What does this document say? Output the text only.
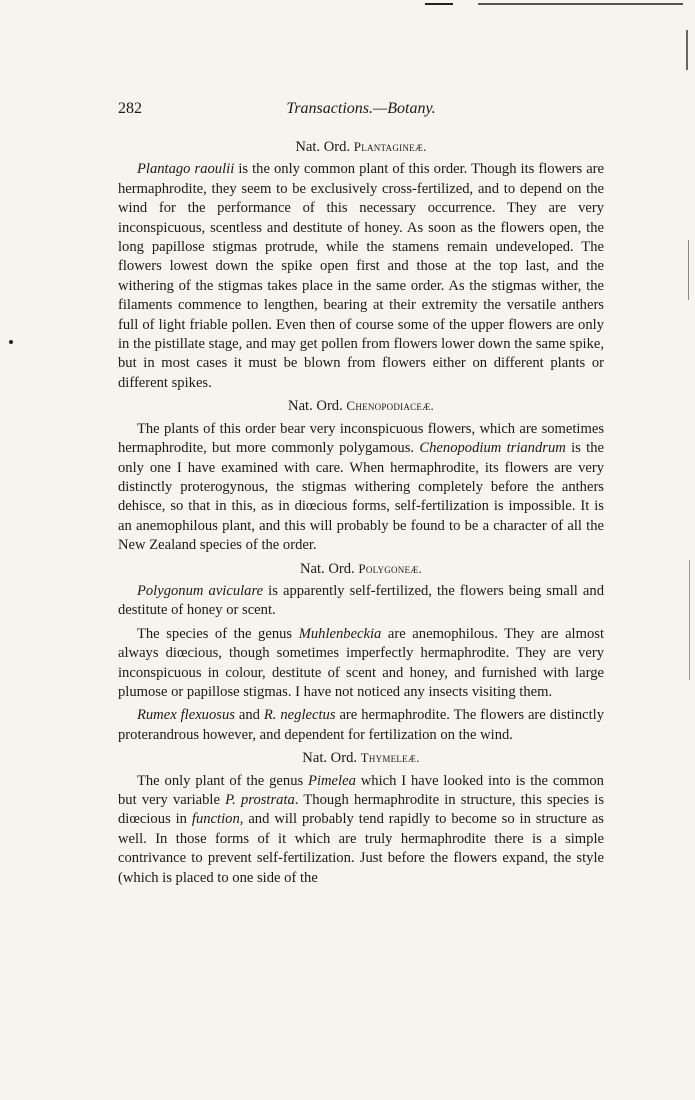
282	Transactions.—Botany.

Nat. Ord. Plantagineæ.

Plantago raoulii is the only common plant of this order. Though its flowers are hermaphrodite, they seem to be exclusively cross-fertilized, and to depend on the wind for the performance of this necessary occurrence. They are very inconspicuous, scentless and destitute of honey. As soon as the flowers open, the long papillose stigmas protrude, while the stamens remain undeveloped. The flowers lowest down the spike open first and those at the top last, and the withering of the stigmas takes place in the same order. As the stigmas wither, the filaments commence to lengthen, bearing at their extremity the versatile anthers full of light friable pollen. Even then of course some of the upper flowers are only in the pistillate stage, and may get pollen from flowers lower down the same spike, but in most cases it must be blown from flowers either on different plants or different spikes.

Nat. Ord. Chenopodiaceæ.

The plants of this order bear very inconspicuous flowers, which are sometimes hermaphrodite, but more commonly polygamous. Chenopodium triandrum is the only one I have examined with care. When hermaphrodite, its flowers are very distinctly proterogynous, the stigmas withering completely before the anthers dehisce, so that in this, as in diœcious forms, self-fertilization is impossible. It is an anemophilous plant, and this will probably be found to be a character of all the New Zealand species of the order.

Nat. Ord. Polygoneæ.

Polygonum aviculare is apparently self-fertilized, the flowers being small and destitute of honey or scent.

The species of the genus Muhlenbeckia are anemophilous. They are almost always diœcious, though sometimes imperfectly hermaphrodite. They are very inconspicuous in colour, destitute of scent and honey, and furnished with large plumose or papillose stigmas. I have not noticed any insects visiting them.

Rumex flexuosus and R. neglectus are hermaphrodite. The flowers are distinctly proterandrous however, and dependent for fertilization on the wind.

Nat. Ord. Thymeleæ.

The only plant of the genus Pimelea which I have looked into is the common but very variable P. prostrata. Though hermaphrodite in structure, this species is diœcious in function, and will probably tend rapidly to become so in structure as well. In those forms of it which are truly hermaphrodite there is a simple contrivance to prevent self-fertilization. Just before the flowers expand, the style (which is placed to one side of the
